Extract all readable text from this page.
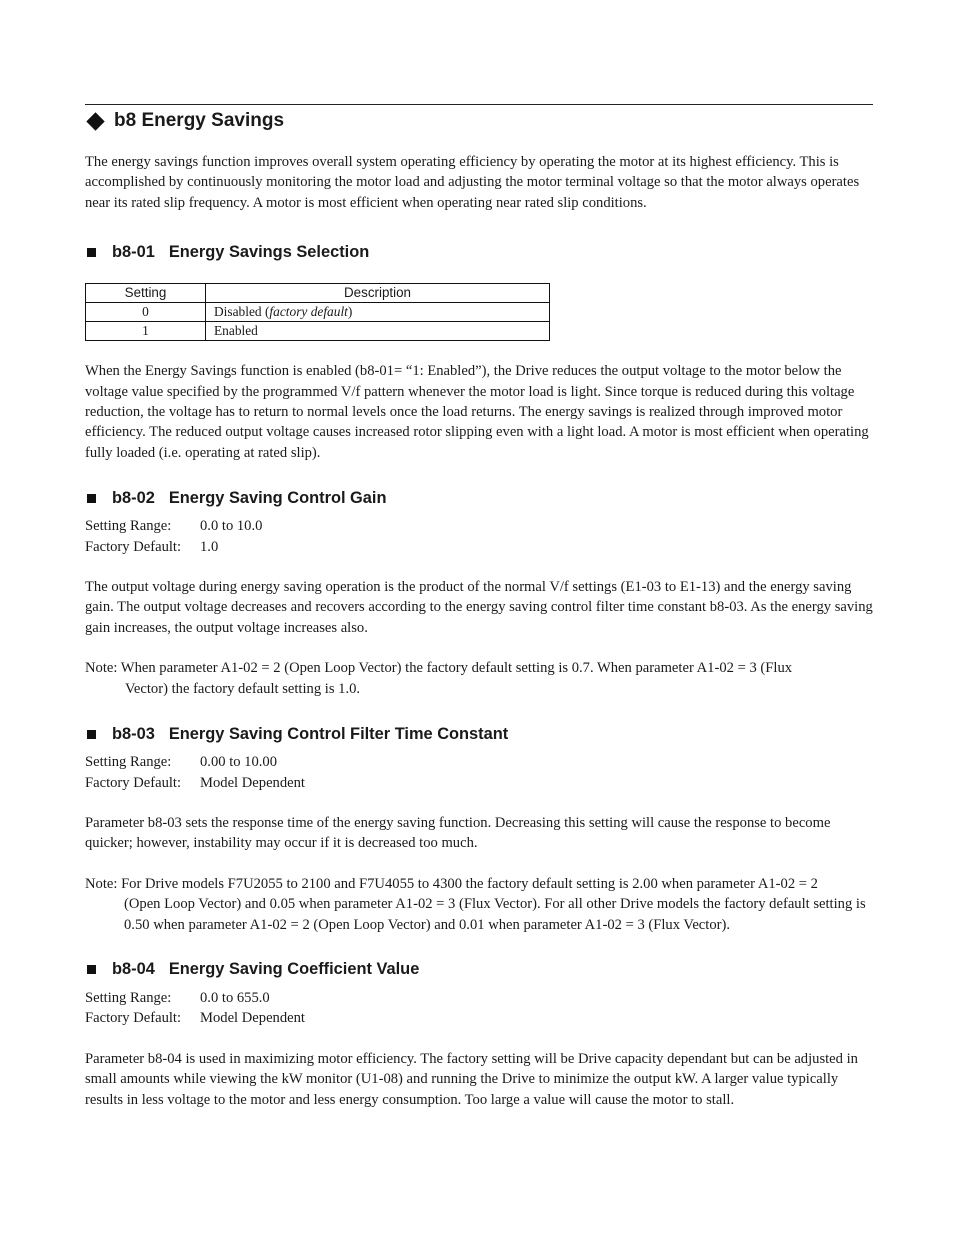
b8 Energy Savings

The energy savings function improves overall system operating efficiency by operating the motor at its highest efficiency. This is accomplished by continuously monitoring the motor load and adjusting the motor terminal voltage so that the motor always operates near its rated slip frequency. A motor is most efficient when operating near rated slip conditions.

b8-01 Energy Savings Selection
Setting	Description
0	Disabled (factory default)
1	Enabled

When the Energy Savings function is enabled (b8-01= “1: Enabled”), the Drive reduces the output voltage to the motor below the voltage value specified by the programmed V/f pattern whenever the motor load is light. Since torque is reduced during this voltage reduction, the voltage has to return to normal levels once the load returns. The energy savings is realized through improved motor efficiency. The reduced output voltage causes increased rotor slipping even with a light load. A motor is most efficient when operating fully loaded (i.e. operating at rated slip).

b8-02 Energy Saving Control Gain
Setting Range:	0.0 to 10.0
Factory Default:	1.0

The output voltage during energy saving operation is the product of the normal V/f settings (E1-03 to E1-13) and the energy saving gain. The output voltage decreases and recovers according to the energy saving control filter time constant b8-03. As the energy saving gain increases, the output voltage increases also.

Note: When parameter A1-02 = 2 (Open Loop Vector) the factory default setting is 0.7. When parameter A1-02 = 3 (Flux
Vector) the factory default setting is 1.0.
b8-03 Energy Saving Control Filter Time Constant
Setting Range:	0.00 to 10.00
Factory Default:	Model Dependent

Parameter b8-03 sets the response time of the energy saving function. Decreasing this setting will cause the response to become quicker; however, instability may occur if it is decreased too much.

Note: For Drive models F7U2055 to 2100 and F7U4055 to 4300 the factory default setting is 2.00 when parameter A1-02 = 2
(Open Loop Vector) and 0.05 when parameter A1-02 = 3 (Flux Vector). For all other Drive models the factory default setting is 0.50 when parameter A1-02 = 2 (Open Loop Vector) and 0.01 when parameter A1-02 = 3 (Flux Vector).
b8-04 Energy Saving Coefficient Value
Setting Range:	0.0 to 655.0
Factory Default:	Model Dependent

Parameter b8-04 is used in maximizing motor efficiency. The factory setting will be Drive capacity dependant but can be adjusted in small amounts while viewing the kW monitor (U1-08) and running the Drive to minimize the output kW. A larger value typically results in less voltage to the motor and less energy consumption. Too large a value will cause the motor to stall.
